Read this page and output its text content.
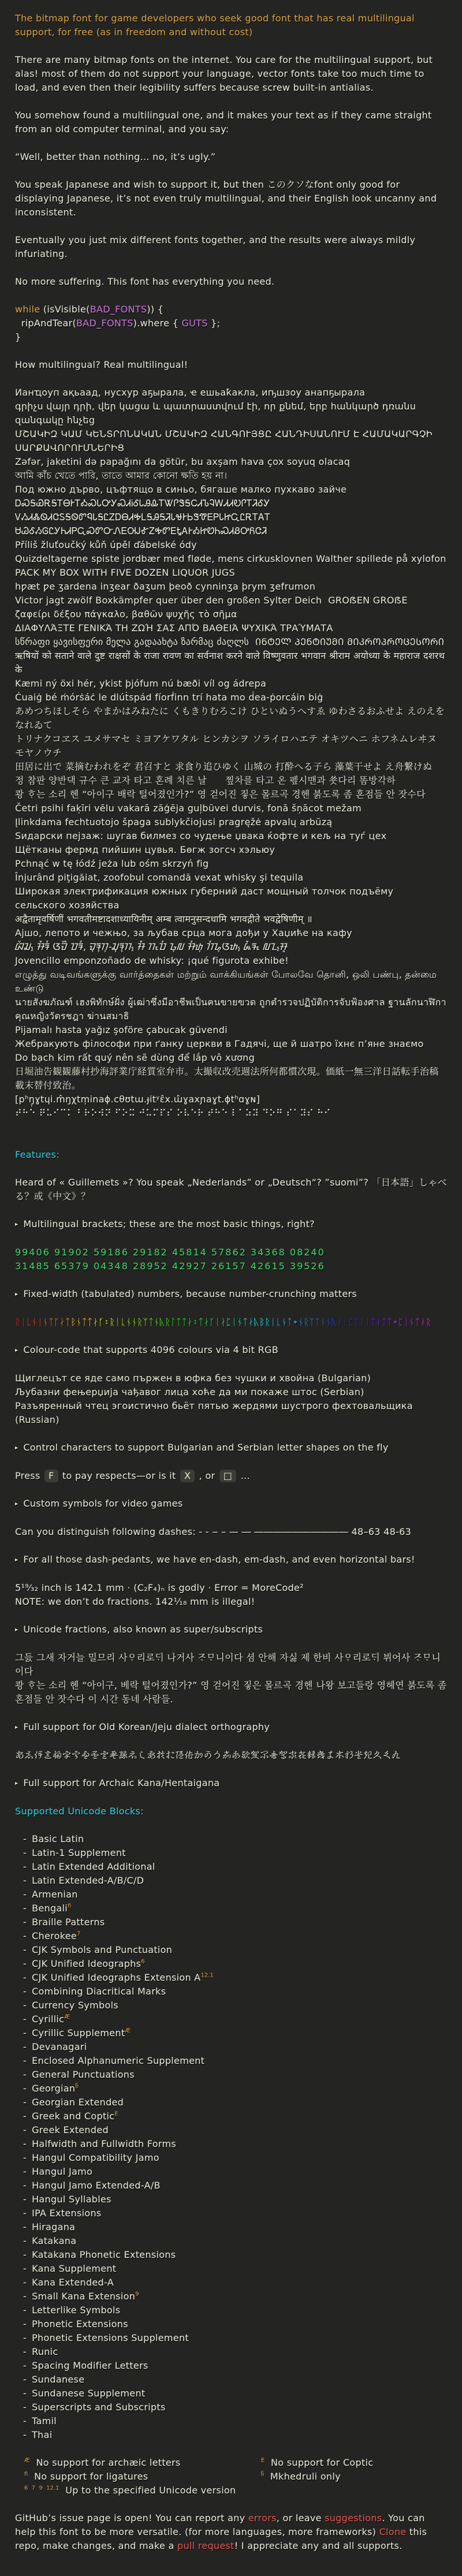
The bitmap font for game developers who seek good font that has real multilingual support, for free (as in freedom and without cost)
There are many bitmap fonts on the internet. You care for the multilingual support, but alas! most of them do not support your language, vector fonts take too much time to load, and even then their legibility suffers because screw built-in antialias.
You somehow found a multilingual one, and it makes your text as if they came straight from an old computer terminal, and you say:
“Well, better than nothing… no, it’s ugly.”
You speak Japanese and wish to support it, but then このクソなfont only good for displaying Japanese, it’s not even truly multilingual, and their English look uncanny and inconsistent.
Eventually you just mix different fonts together, and the results were always mildly infuriating.
No more suffering. This font has everything you need.
while (isVisible(BAD_FONTS)) {
ripAndTear(BAD_FONTS).where { GUTS };
}
How multilingual? Real multilingual!
Ианҵоуп ақьаад, нусхур аҕырала, ҽ ешьаҟакла, иҧшзоу анапҕырала
գրիչս վայր դրի, վեր կացա և պատրաստվում էի, որ քնեմ, երբ հանկարծ դռանս զանգակը հնչեց
ՄՇԱԿԻԶ ԿԱՄ ԿԵՆՏՐՈՆԱԿԱՆ ՄՇԱԿԻԶ ՀԱՆԳՈՒՅՑԸ ՀԱՆԴԻՍԱՆՈՒՄ Է ՀԱՄԱԿԱՐԳՉԻ ՍԱՐՔԱՎՈՐՈՒՄՆԵՐԻՑ
Zəfər, jaketini də papağını da götür, bu axşam hava çox soyuq olacaq
আমি কাঁচ খেতে পারি, তাতে আমার কোনো ক্ষতি হয় না।
Под южно дърво, цъфтящо в синьо, бягаше малко пухкаво зайче
ᎠᏍᎦᏯᎡᎦᎢᎾᎨᎢᎣᏍᏓᎤᎩᏍᏗᎥᎴᏓᎯᎲᎢᏔᎵᏕᎦᏟᏗᏖᎸᎳᏗᏗᎧᎵᎢᏘᎴᎩ ᏙᏱᏗᏜᏫᏗᏣᏚᎦᏫᏛᏄᏓᎦᏝᏃᎠᎾᏗᎭᏞᎦᎯᎦᏘᏓᏠᎨᏏᏕᏡᎬᏢᏓᏥᏩᏝᎡᎢᎪᎢ ᏌᏊᎴᏱᎶᏝᎩᏂᏗᏢᏩᏍᏛᏅᏁᎬᎺᎫᎹᏃᎭᏛᎬᎿᎪᎨᎣᏥᏬᏂᏍᏗᏰᎤᏲᏣᏘ
Příliš žluťoučký kůň úpěl ďábelské ódy
Quizdeltagerne spiste jordbær med fløde, mens cirkusklovnen Walther spillede på xylofon
PACK MY BOX WITH FIVE DOZEN LIQUOR JUGS
hƿæt ƿe ʒardena inʒear ðaʒum þeoð cynninʒa þrym ʒefrumon
Victor jagt zwölf Boxkämpfer quer über den großen Sylter Deich  GROẞEN GROẞE
ζαφείρι δέξου πάγκαλο, βαθῶν ψυχῆς τὸ σῆμα
ΔΙΑΦΥΛΆΞΤΕ ΓΕΝΙΚΆ ΤΗ ΖΩΉ ΣΑΣ ΑΠΌ ΒΑΘΕΙΆ ΨΥΧΙΚΆ ΤΡΑΎΜΑΤΑ
სწრაფი ყავისფერი მელა გადაახტა ზარმაც ძაღლს  ᲘᲜᲢᲔᲚ ᲞᲔᲜᲢᲘᲣᲛᲘ ᲛᲘᲙᲠᲝᲞᲠᲝᲪᲔᲡᲝᲠᲘ
ऋषियों को सताने वाले दुष्ट राक्षसों के राजा रावण का सर्वनाश करने वाले विष्णुवतार भगवान श्रीराम अयोध्या के महाराज दशरथ के
Kæmi ný öxi hér, ykist þjófum nú bæði víl og ádrepa
Ċuaiġ bé ṁórṡáċ le dlúṫspád fíorḟinn trí hata mo ḋea-ṗorcáin biġ
あめつちほしそら やまかはみねたに くもきりむろこけ ひといぬうへすゑ ゆわさるおふせよ えのえをなれゐて
トリナクコヱス ユメサマセ ミヨアケワタル ヒンカシヲ ソライロハエテ オキツヘニ ホフネムレヰヌ モヤノウチ
田居に出で 菜摘むわれをぞ 君召すと 求食り追ひゆく 山城の 打酔へる子ら 藻葉干せよ え舟繋けぬ
정 참판 양반댁 규수 큰 교자 타고 혼례 치른 날      찦차를 타고 온 펲시맨과 쑛다리 똠방각하
쾅 ᄒᆞ는 소리 헨 “아이구 배락 털어졌인가?” 영 걷어진 짛은 몰르곡 경헨 붉도록 좀 혼점들 안 잣수다
Četri psihi faķīri vēlu vakarā zāģēja guļbūvei durvis, fonā šņācot mežam
Įlinkdama fechtuotojo špaga sublykčiojusi pragręžė apvalų arbūzą
Ѕидарски пејзаж: шугав билмез со чудење џвака ќофте и кељ на туѓ цех
Щётканы фермд пийшин цувья. Бөгж зогсч хэльюу
Pchnąć w tę łódź jeża lub ośm skrzyń fig
Înjurând piţigăiat, zoofobul comandă vexat whisky şi tequila
Широкая электрификация южных губерний даст мощный толчок подъёму сельского хозяйства
अद्वैतामृवर्षिणीं भगवतीमष्टादशाध्यायिनीम् अम्ब त्वामनुसन्दधामि भगवद्गीते भवद्वेषिणीम् ॥
Ајшо, лепото и чежњо, за љубав срца мога дођи у Хаџиће на кафу
ᮘᮨᮎ᮪ ᮞᮩᮛᮤ ᮃᮙᮨᮀ ᮕᮛᮤ, ᮙᮥᮛᮥᮊᮥ-ᮎᮥᮛᮥᮊ᮪ ᮞᮩ ᮊᮧᮕᮤ ᮌᮥᮜ ᮞᮤᮒᮥ ᮊᮤᮐᮥᮃᮒ᮪ ᮏᮩᮛᮧ ᮜᮔ᮪ᮞᮣ
Jovencillo emponzoñado de whisky: ¡qué figurota exhibe!
எழுத்து வடிவங்களுக்கு வார்த்தைகள் மற்றும் வாக்கியங்கள் போலவே தொனி, ஒலி பண்பு, தன்மை உண்டு
นายสังฆภัณฑ์ เฮงพิทักษ์ฝั่ง ผู้เฒ่าซึ่งมีอาชีพเป็นฅนขายฃวด ถูกตำรวจปฏิบัติการจับฟ้องศาล ฐานลักนาฬิกาคุณหญิงวัตรชฎา ฆ่านสมาธิ
Pijamalı hasta yağız şoföre çabucak güvendi
Жебракують філософи при ґанку церкви в Гадячі, ще й шатро їхнє п’яне знаємо
Do bạch kim rất quý nên sẽ dùng để lắp vô xương
日堀油告観観藤村抄海評業庁経質室弁市。太撮収改売週法所何都慣次現。価紙一無三洋日話転手治稿載末替付致治。
[pʰŋ̩ɣtɥi.m̂ŋχtm̩inaɸ.cθʊtɯ.ɟitʸɛ̂x.ɯ̂ɣaxɲaɣt.ɸtʰɑɣɴ]
⠞⠓⠑ ⠟⠥⠊⠉⠅ ⠃⠗⠕⠺⠝ ⠋⠕⠭ ⠚⠥⠍⠏⠎ ⠕⠧⠑⠗ ⠞⠓⠑ ⠇⠁⠵⠽ ⠙⠕⠛ ⠎⠁⠽⠎ ⠓⠊
Features:
Heard of « Guillemets »? You speak „Nederlands” or „Deutsch“? ”suomi”? 「日本語」しゃべる？或《中文》？
▸ Multilingual brackets; these are the most basic things, right?
99406 91902 59186 29182 45814 57862 34368 08240
31485 65379 04348 28952 42927 26157 42615 39526
▸ Fixed-width (tabulated) numbers, because number-crunching matters
ᚱᛁᚳᚾᛁᚾᛏᚴᛅᛏᛒᚾᛏᛏᛅᚴ᛬ᚱᛁᚳᚾᚾᚱᛉᛏᚾᚣᚱᛚᛏᛏᛅ᛬ᛏᛅᚴᛁᛅᛈᛁᚾᛏᛅᚣᛒᚱᛁᚳᚾᛏ᛭ᚾᚱᛉᛏᚾᚾᚣᛅᛁᛈᛏᛁᛁᛏᛅᛏᛏ᛭ᛈᛁᚾᛏᛅᚱ
▸ Colour-code that supports 4096 colours via 4 bit RGB
Щиглецът се яде само пържен в юфка без чушки и хвойна (Bulgarian)
Љубазни фењерџија чађавог лица хоће да ми покаже штос (Serbian)
Разъяренный чтец эгоистично бьёт пятью жердями шустрого фехтовальщика (Russian)
▸ Control characters to support Bulgarian and Serbian letter shapes on the fly
Press F to pay respects—or is it X , or □ …
▸ Custom symbols for video games
Can you distinguish following dashes: - ‐ ‒ – — ― ―――――――――― 48–63 48-63
▸ For all those dash-pedants, we have en-dash, em-dash, and even horizontal bars!
5¹⁹⁄₃₂ inch is 142.1 mm · (C₂F₄)ₙ is godly · Error = MoreCode²
NOTE: we don’t do fractions. 142¹⁄₁₈ mm is illegal!
▸ Unicode fractions, also known as super/subscripts
그듨 그새 자거늘 밀므리 사ᄋᆞ리로ᄃᆡ 나거사 ᄌᆞᄆᆞ니이다 셤 안해 자싫 제 한비 사ᄋᆞ리로ᄃᆡ 뷔어사 ᄌᆞᄆᆞ니이다
쾅 ᄒᆞ는 소리 헨 “아이구, 베락 털어졌인가?” 영 걷어진 짛은 몰르곡 경헨 나왕 보고들랑 영헤연 붉도록 좀 혼점들 안 잣수다 이 시간 동네 사람들.
▸ Full support for Old Korean/Jeju dialect orthography
𛀂𛀅𛀇𛀈𛀉𛀊𛀋𛀌𛀍𛀎𛀏𛀐𛀑𛀒𛀓𛀔𛀕𛀖𛀗𛀘𛀙𛀚𛀛𛀜𛀝𛀞𛀟𛀠𛀡𛀢𛀣𛀤𛀥𛀦𛀧𛀨𛀩𛀪𛀫𛀬𛀭
▸ Full support for Archaic Kana/Hentaigana
Supported Unicode Blocks:
- Basic Latin
- Latin-1 Supplement
- Latin Extended Additional
- Latin Extended-A/B/C/D
- Armenian
- Bengali$^{fi}$
- Braille Patterns
- Cherokee$^7$
- CJK Symbols and Punctuation
- CJK Unified Ideographs$^6$
- CJK Unified Ideographs Extension $A^{12.1}$
- Combining Diacritical Marks
- Currency Symbols
- Cyrillic$^Æ$
- Cyrillic Supplement$^Æ$
- Devanagari
- Enclosed Alphanumeric Supplement
- General Punctuations
- Georgian$^ნ$
- Georgian Extended
- Greek and Coptic$^E$
- Greek Extended
- Halfwidth and Fullwidth Forms
- Hangul Compatibility Jamo
- Hangul Jamo
- Hangul Jamo Extended-A/B
- Hangul Syllables
- IPA Extensions
- Hiragana
- Katakana
- Katakana Phonetic Extensions
- Kana Supplement
- Kana Extended-A
- Small Kana Extension$^9$
- Letterlike Symbols
- Phonetic Extensions
- Phonetic Extensions Supplement
- Runic
- Spacing Modifier Letters
- Sundanese
- Sundanese Supplement
- Superscripts and Subscripts
- Tamil
- Thai
$^Æ$  No support for archæic letters	$^E$  No support for Coptic
$^{fi}$  No support for ligatures	$^ნ$  Mkhedruli only
$^{6 7 9 12.1}$  Up to the specified Unicode version
GitHub’s issue page is open! You can report any errors, or leave suggestions. You can help this font to be more versatile. (for more languages, more frameworks) Clone this repo, make changes, and make a pull request! I appreciate any and all supports.
